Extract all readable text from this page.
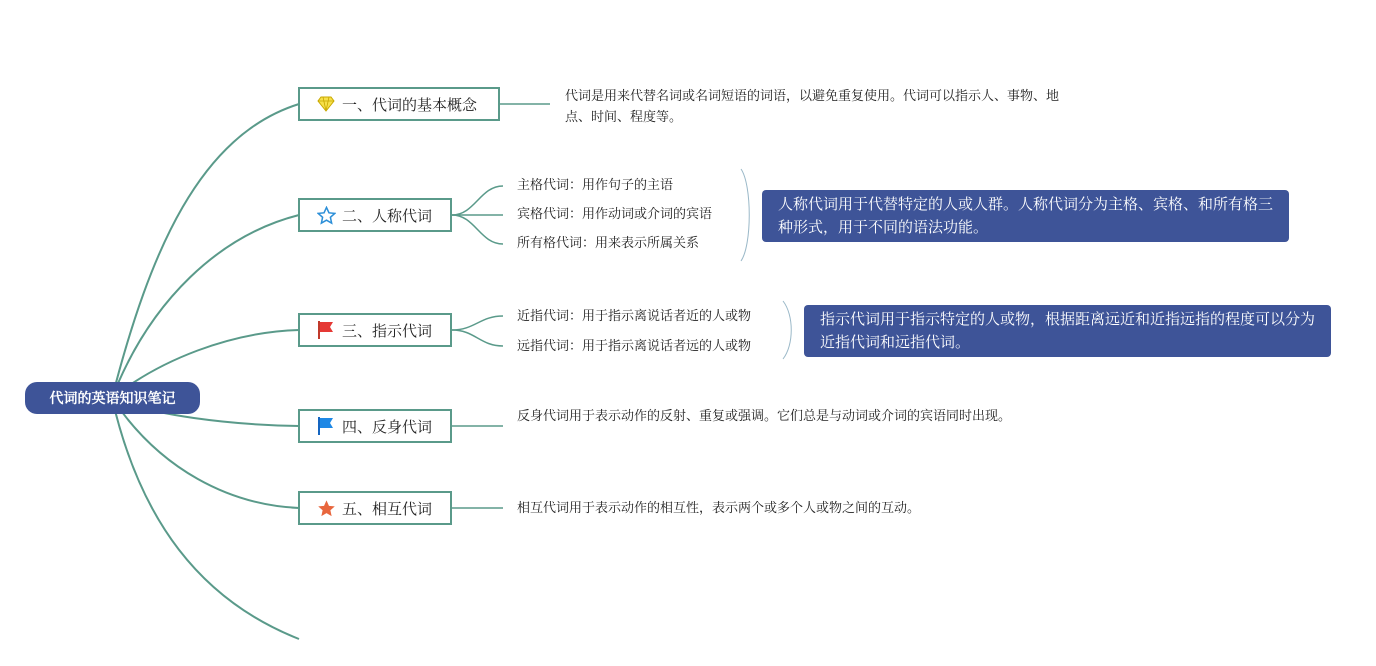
代词的英语知识笔记
一、代词的基本概念	代词是用来代替名词或名词短语的词语，以避免重复使用。代词可以指示人、事物、地点、时间、程度等。
二、人称代词
主格代词：用作句子的主语
宾格代词：用作动词或介词的宾语
所有格代词：用来表示所属关系
人称代词用于代替特定的人或人群。人称代词分为主格、宾格、和所有格三种形式，用于不同的语法功能。
三、指示代词
近指代词：用于指示离说话者近的人或物
远指代词：用于指示离说话者远的人或物
指示代词用于指示特定的人或物，根据距离远近和近指远指的程度可以分为近指代词和远指代词。
四、反身代词
反身代词用于表示动作的反射、重复或强调。它们总是与动词或介词的宾语同时出现。
五、相互代词	相互代词用于表示动作的相互性，表示两个或多个人或物之间的互动。
